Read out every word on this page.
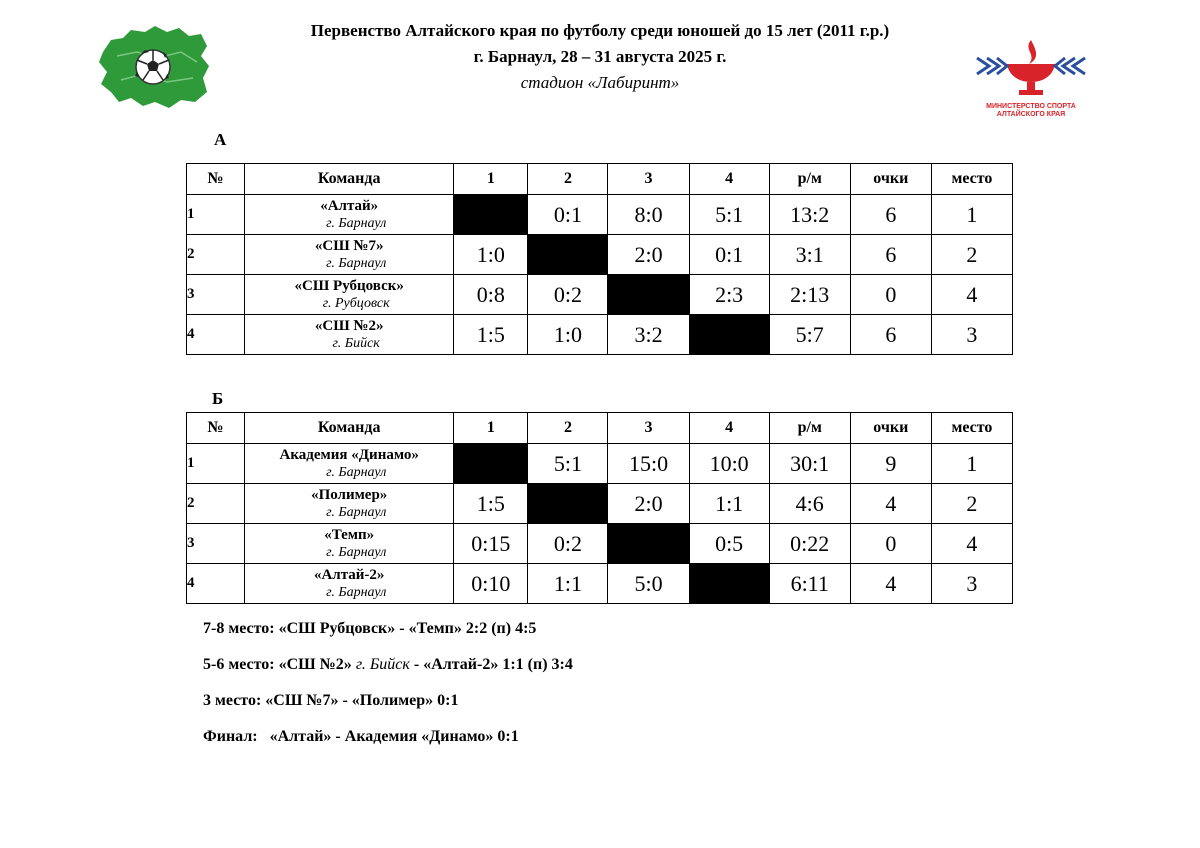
Первенство Алтайского края по футболу среди юношей до 15 лет (2011 г.р.)
г. Барнаул, 28 – 31 августа 2025 г.
стадион «Лабиринт»
МИНИСТЕРСТВО СПОРТА
АЛТАЙСКОГО КРАЯ
А
№	Команда	1	2	3	4	р/м	очки	место
1	«Алтай»
г. Барнаул		0:1	8:0	5:1	13:2	6	1
2	«СШ №7»
г. Барнаул	1:0		2:0	0:1	3:1	6	2
3	«СШ Рубцовск»
г. Рубцовск	0:8	0:2		2:3	2:13	0	4
4	«СШ №2»
г. Бийск	1:5	1:0	3:2		5:7	6	3
Б
№	Команда	1	2	3	4	р/м	очки	место
1	Академия «Динамо»
г. Барнаул		5:1	15:0	10:0	30:1	9	1
2	«Полимер»
г. Барнаул	1:5		2:0	1:1	4:6	4	2
3	«Темп»
г. Барнаул	0:15	0:2		0:5	0:22	0	4
4	«Алтай-2»
г. Барнаул	0:10	1:1	5:0		6:11	4	3
7-8 место: «СШ Рубцовск» - «Темп» 2:2 (п) 4:5
5-6 место: «СШ №2» г. Бийск - «Алтай-2» 1:1 (п) 3:4
3 место: «СШ №7» - «Полимер» 0:1
Финал:   «Алтай» - Академия «Динамо» 0:1
